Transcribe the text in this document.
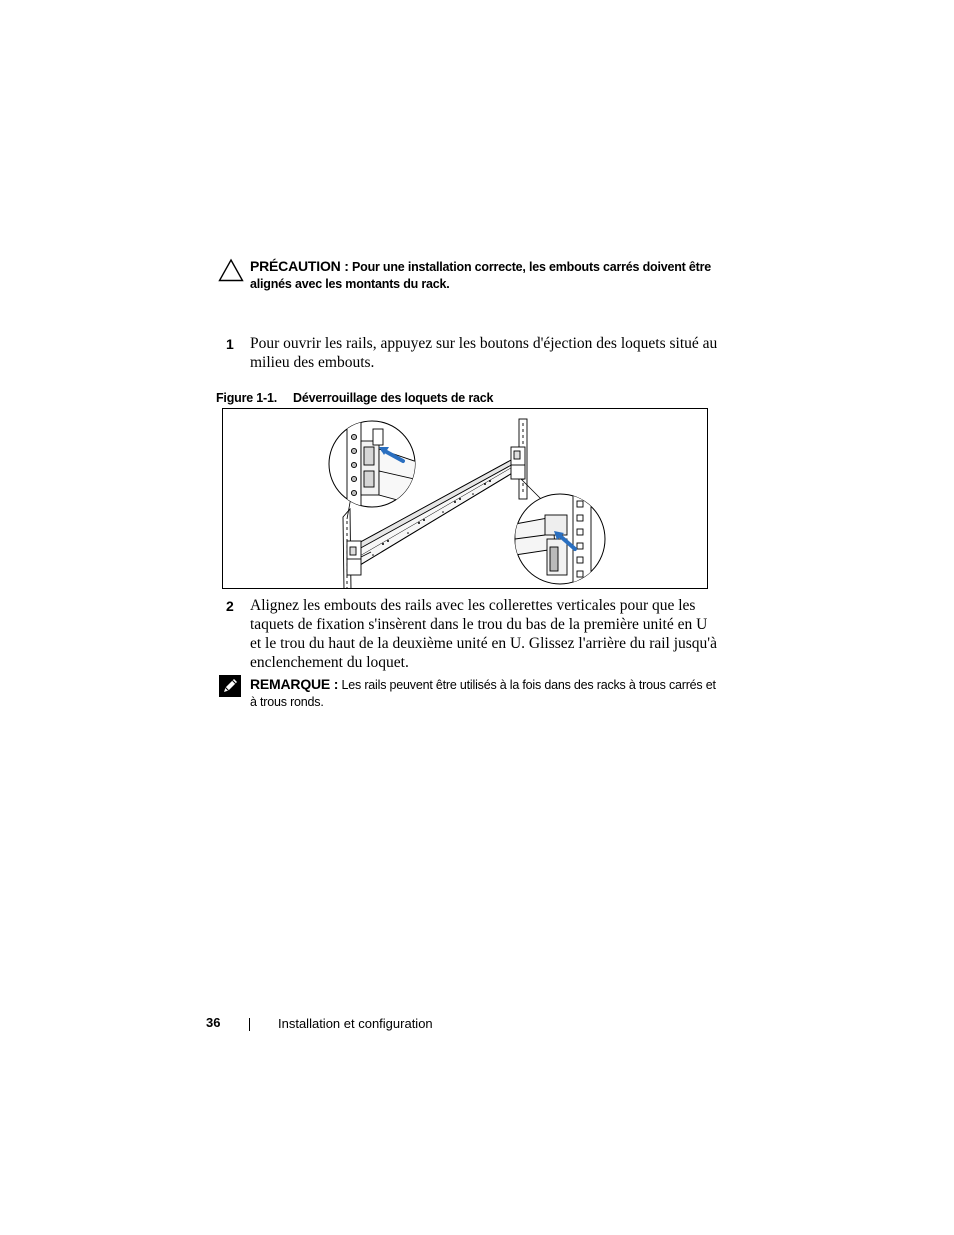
PRÉCAUTION : Pour une installation correcte, les embouts carrés doivent être alignés avec les montants du rack.
1 Pour ouvrir les rails, appuyez sur les boutons d'éjection des loquets situé au milieu des embouts.
Figure 1-1. Déverrouillage des loquets de rack
2 Alignez les embouts des rails avec les collerettes verticales pour que les taquets de fixation s'insèrent dans le trou du bas de la première unité en U et le trou du haut de la deuxième unité en U. Glissez l'arrière du rail jusqu'à enclenchement du loquet.
REMARQUE : Les rails peuvent être utilisés à la fois dans des racks à trous carrés et à trous ronds.
36	Installation et configuration
